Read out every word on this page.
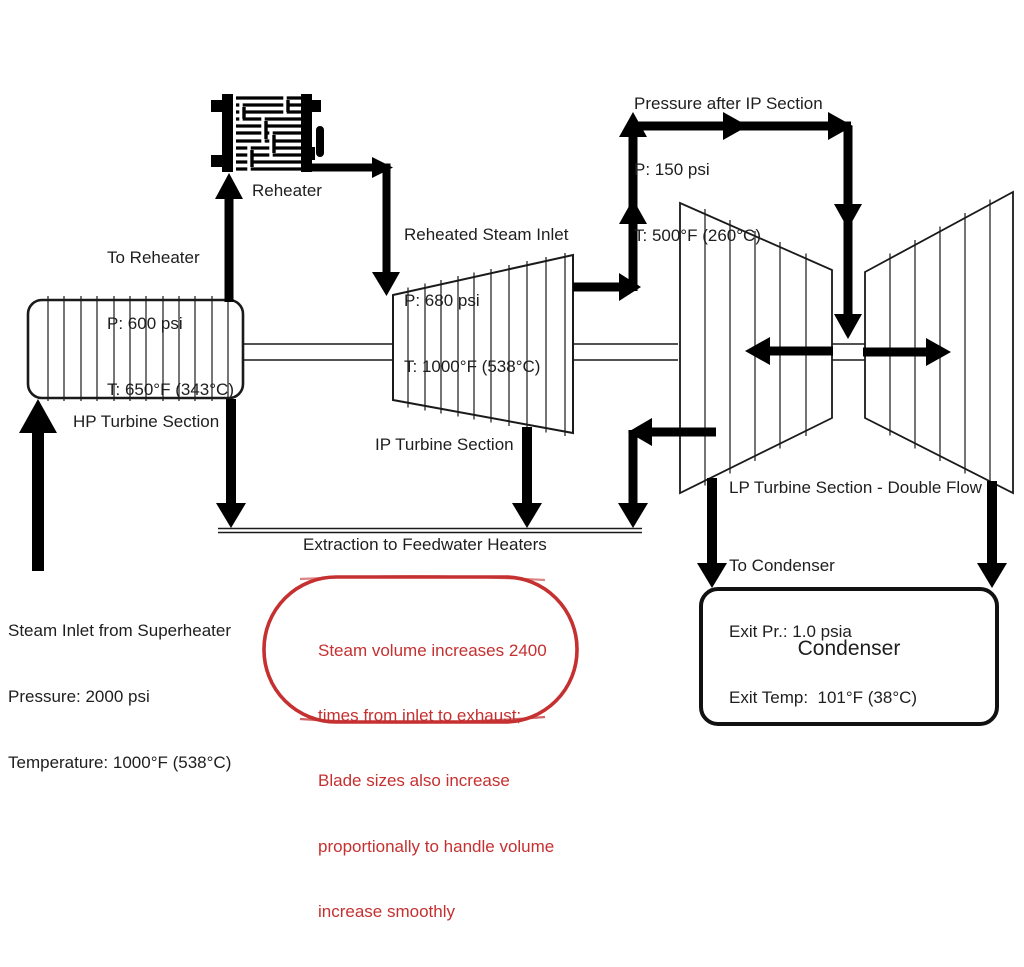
Pressure after IP Section

P: 150 psi

T: 500°F (260°C)

Reheater

Reheated Steam Inlet

P: 680 psi

T: 1000°F (538°C)

To Reheater

P: 600 psi

T: 650°F (343°C)

HP Turbine Section
IP Turbine Section
LP Turbine Section - Double Flow

To Condenser

Exit Pr.: 1.0 psia

Exit Temp:  101°F (38°C)

Steam Inlet from Superheater

Pressure: 2000 psi

Temperature: 1000°F (538°C)

Extraction to Feedwater Heaters
Condenser

Steam volume increases 2400

times from inlet to exhaust;

Blade sizes also increase

proportionally to handle volume

increase smoothly
